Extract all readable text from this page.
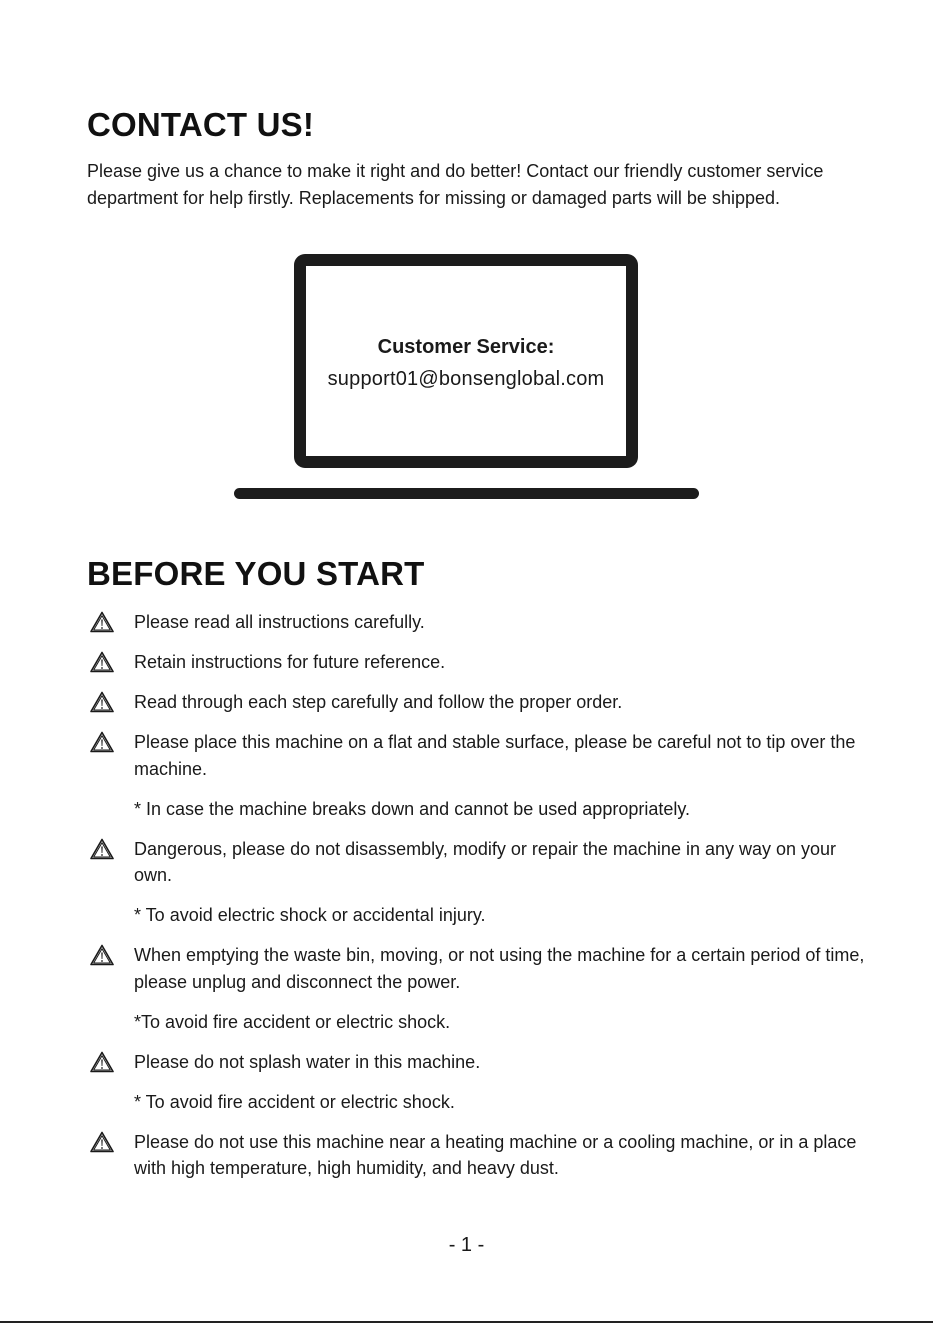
CONTACT US!

Please give us a chance to make it right and do better! Contact our friendly customer service department for help firstly. Replacements for missing or damaged parts will be shipped.

Customer Service:
support01@bonsenglobal.com
BEFORE YOU START
Please read all instructions carefully.
Retain instructions for future reference.
Read through each step carefully and follow the proper order.
Please place this machine on a flat and stable surface, please be careful not to tip over the machine.
* In case the machine breaks down and cannot be used appropriately.
Dangerous, please do not disassembly, modify or repair the machine in any way on your own.
* To avoid electric shock or accidental injury.
When emptying the waste bin, moving, or not using the machine for a certain period of time, please unplug and disconnect the power.
*To avoid fire accident or electric shock.
Please do not splash water in this machine.
* To avoid fire accident or electric shock.
Please do not use this machine near a heating machine or a cooling machine, or in a place with high temperature, high humidity, and heavy dust.
- 1 -
